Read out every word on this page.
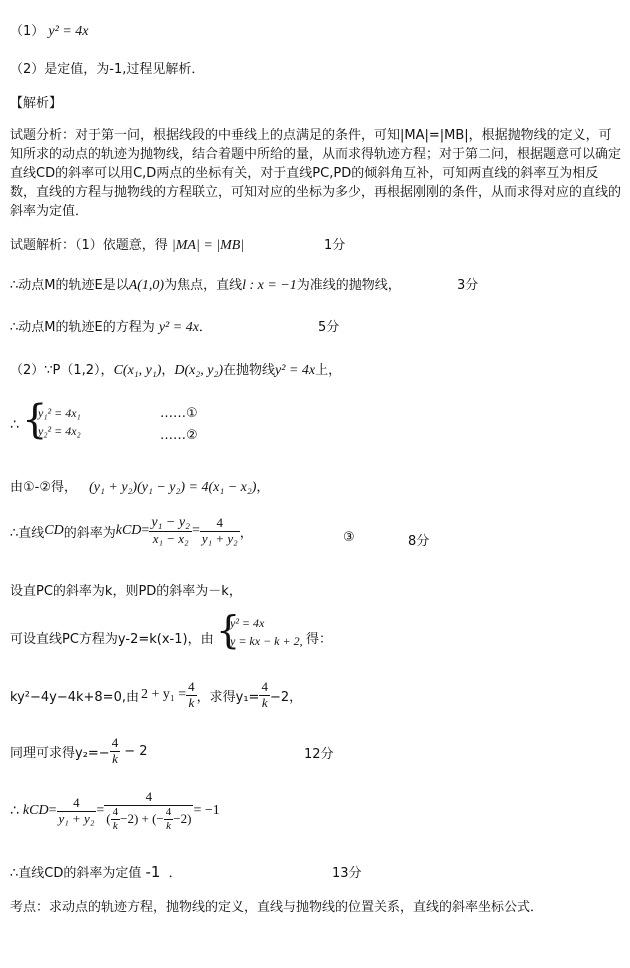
（1） y² = 4x
（2）是定值，为-1,过程见解析．
【解析】
试题分析：对于第一问，根据线段的中垂线上的点满足的条件，可知|MA|=|MB|，根据抛物线的定义，可知所求的动点的轨迹为抛物线，结合着题中所给的量，从而求得轨迹方程；对于第二问，根据题意可以确定直线CD的斜率可以用C,D两点的坐标有关，对于直线PC,PD的倾斜角互补，可知两直线的斜率互为相反数，直线的方程与抛物线的方程联立，可知对应的坐标为多少，再根据刚刚的条件，从而求得对应的直线的斜率为定值．
试题解析：（1）依题意，得 |MA| = |MB|	1分
∴动点M的轨迹E是以A(1,0)为焦点，直线l : x = −1为准线的抛物线，	3分
∴动点M的轨迹E的方程为 y² = 4x．	5分
（2）∵P（1,2），C(x₁, y₁)，D(x₂, y₂)在抛物线y² = 4x上，
∴ {
y₁² = 4x₁
y₂² = 4x₂
……①
……②
由①-②得， (y₁ + y₂)(y₁ − y₂) = 4(x₁ − x₂)，
∴直线 CD 的斜率为 k CD = $\frac{\text{y₁ − y₂}}{\text{x₁ − x₂}} = \frac{4}{\text{y₁ + y₂}}$ ，	③	8分
设直PC的斜率为k，则PD的斜率为－k，
可设直线PC方程为y-2=k(x-1)，由 {
y² = 4x
y = kx − k + 2, 得：
ky²−4y−4k+8=0,由 $2 + y_1 = \frac{4}{k}$ ，求得$y_1= \frac{4}{k} -2$，
同理可求得$y_2=- \frac{4}{k} - 2$	12分
∴ k CD = $\frac{4}{\text{y₁ + y₂}}$ =
4
( $\frac{4}{k} -2$) + (− $\frac{4}{k} -2) = -1$
∴直线CD的斜率为定值 -1 ．	13分
考点：求动点的轨迹方程，抛物线的定义，直线与抛物线的位置关系，直线的斜率坐标公式．
